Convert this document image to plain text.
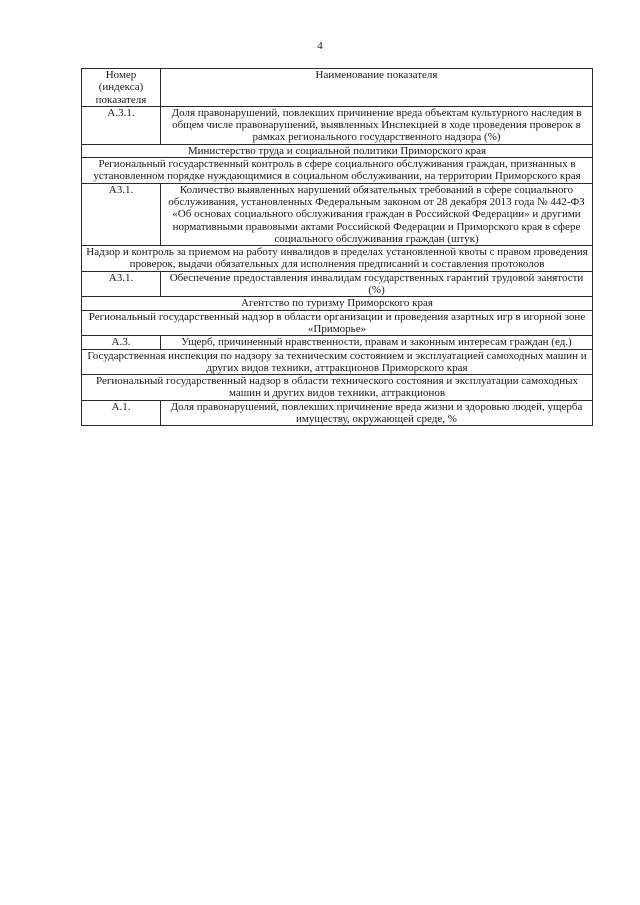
4
Номер (индекса) показателя	Наименование показателя
А.3.1.	Доля правонарушений, повлекших причинение вреда объектам культурного наследия в общем числе правонарушений, выявленных Инспекцией в ходе проведения проверок в рамках регионального государственного надзора (%)
Министерство труда и социальной политики Приморского края	
Региональный государственный контроль в сфере социального обслуживания граждан, признанных в установленном порядке нуждающимися в социальном обслуживании, на территории Приморского края	
А3.1.	Количество выявленных нарушений обязательных требований в сфере социального обслуживания, установленных Федеральным законом от 28 декабря 2013 года № 442-ФЗ «Об основах социального обслуживания граждан в Российской Федерации» и другими нормативными правовыми актами Российской Федерации и Приморского края в сфере социального обслуживания граждан (штук)
Надзор и контроль за приемом на работу инвалидов в пределах установленной квоты с правом проведения проверок, выдачи обязательных для исполнения предписаний и составления протоколов	
А3.1.	Обеспечение предоставления инвалидам государственных гарантий трудовой занятости (%)
Агентство по туризму Приморского края	
Региональный государственный надзор в области организации и проведения азартных игр в игорной зоне «Приморье»	
А.3.	Ущерб, причиненный нравственности, правам и законным интересам граждан (ед.)
Государственная инспекция по надзору за техническим состоянием и эксплуатацией самоходных машин и других видов техники, аттракционов Приморского края	
Региональный государственный надзор в области технического состояния и эксплуатации самоходных машин и других видов техники, аттракционов	
А.1.	Доля правонарушений, повлекших причинение вреда жизни и здоровью людей, ущерба имуществу, окружающей среде, %
